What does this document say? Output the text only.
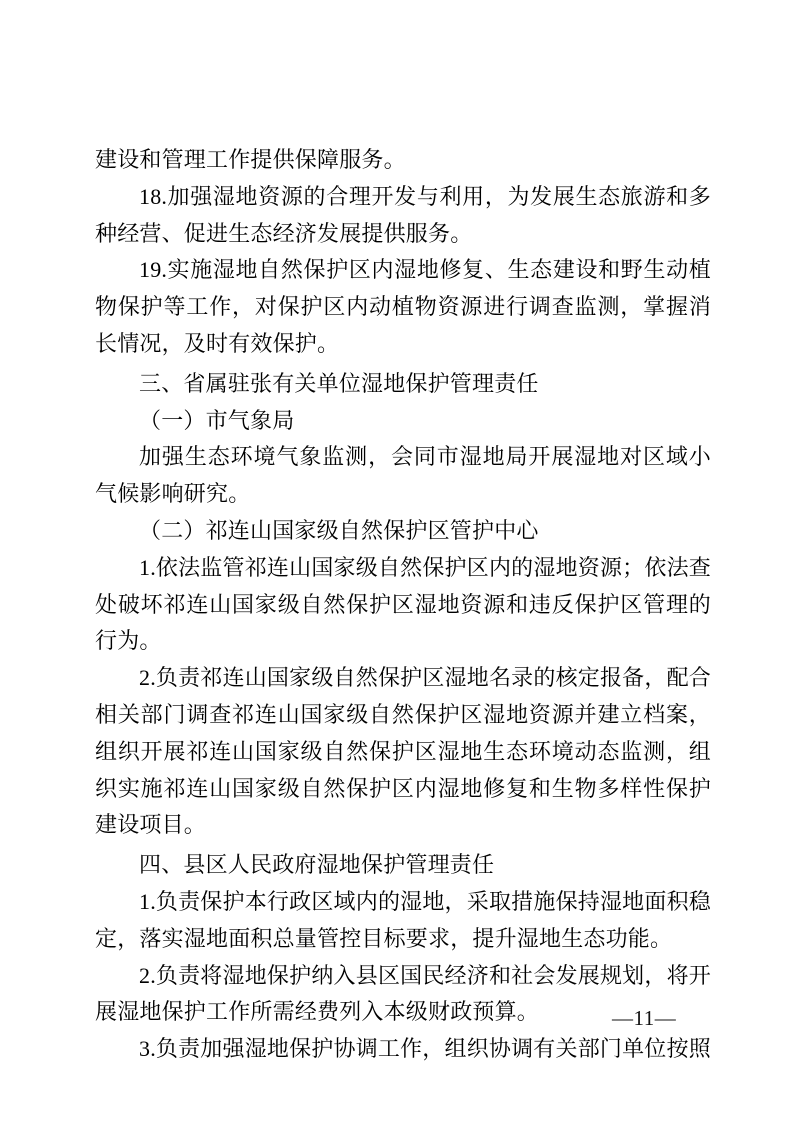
建设和管理工作提供保障服务。

18.加强湿地资源的合理开发与利用，为发展生态旅游和多种经营、促进生态经济发展提供服务。

19.实施湿地自然保护区内湿地修复、生态建设和野生动植物保护等工作，对保护区内动植物资源进行调查监测，掌握消长情况，及时有效保护。

三、省属驻张有关单位湿地保护管理责任

（一）市气象局

加强生态环境气象监测，会同市湿地局开展湿地对区域小气候影响研究。

（二）祁连山国家级自然保护区管护中心

1.依法监管祁连山国家级自然保护区内的湿地资源；依法查处破坏祁连山国家级自然保护区湿地资源和违反保护区管理的行为。

2.负责祁连山国家级自然保护区湿地名录的核定报备，配合相关部门调查祁连山国家级自然保护区湿地资源并建立档案，组织开展祁连山国家级自然保护区湿地生态环境动态监测，组织实施祁连山国家级自然保护区内湿地修复和生物多样性保护建设项目。

四、县区人民政府湿地保护管理责任

1.负责保护本行政区域内的湿地，采取措施保持湿地面积稳定，落实湿地面积总量管控目标要求，提升湿地生态功能。

2.负责将湿地保护纳入县区国民经济和社会发展规划，将开展湿地保护工作所需经费列入本级财政预算。

3.负责加强湿地保护协调工作，组织协调有关部门单位按照

—11—
